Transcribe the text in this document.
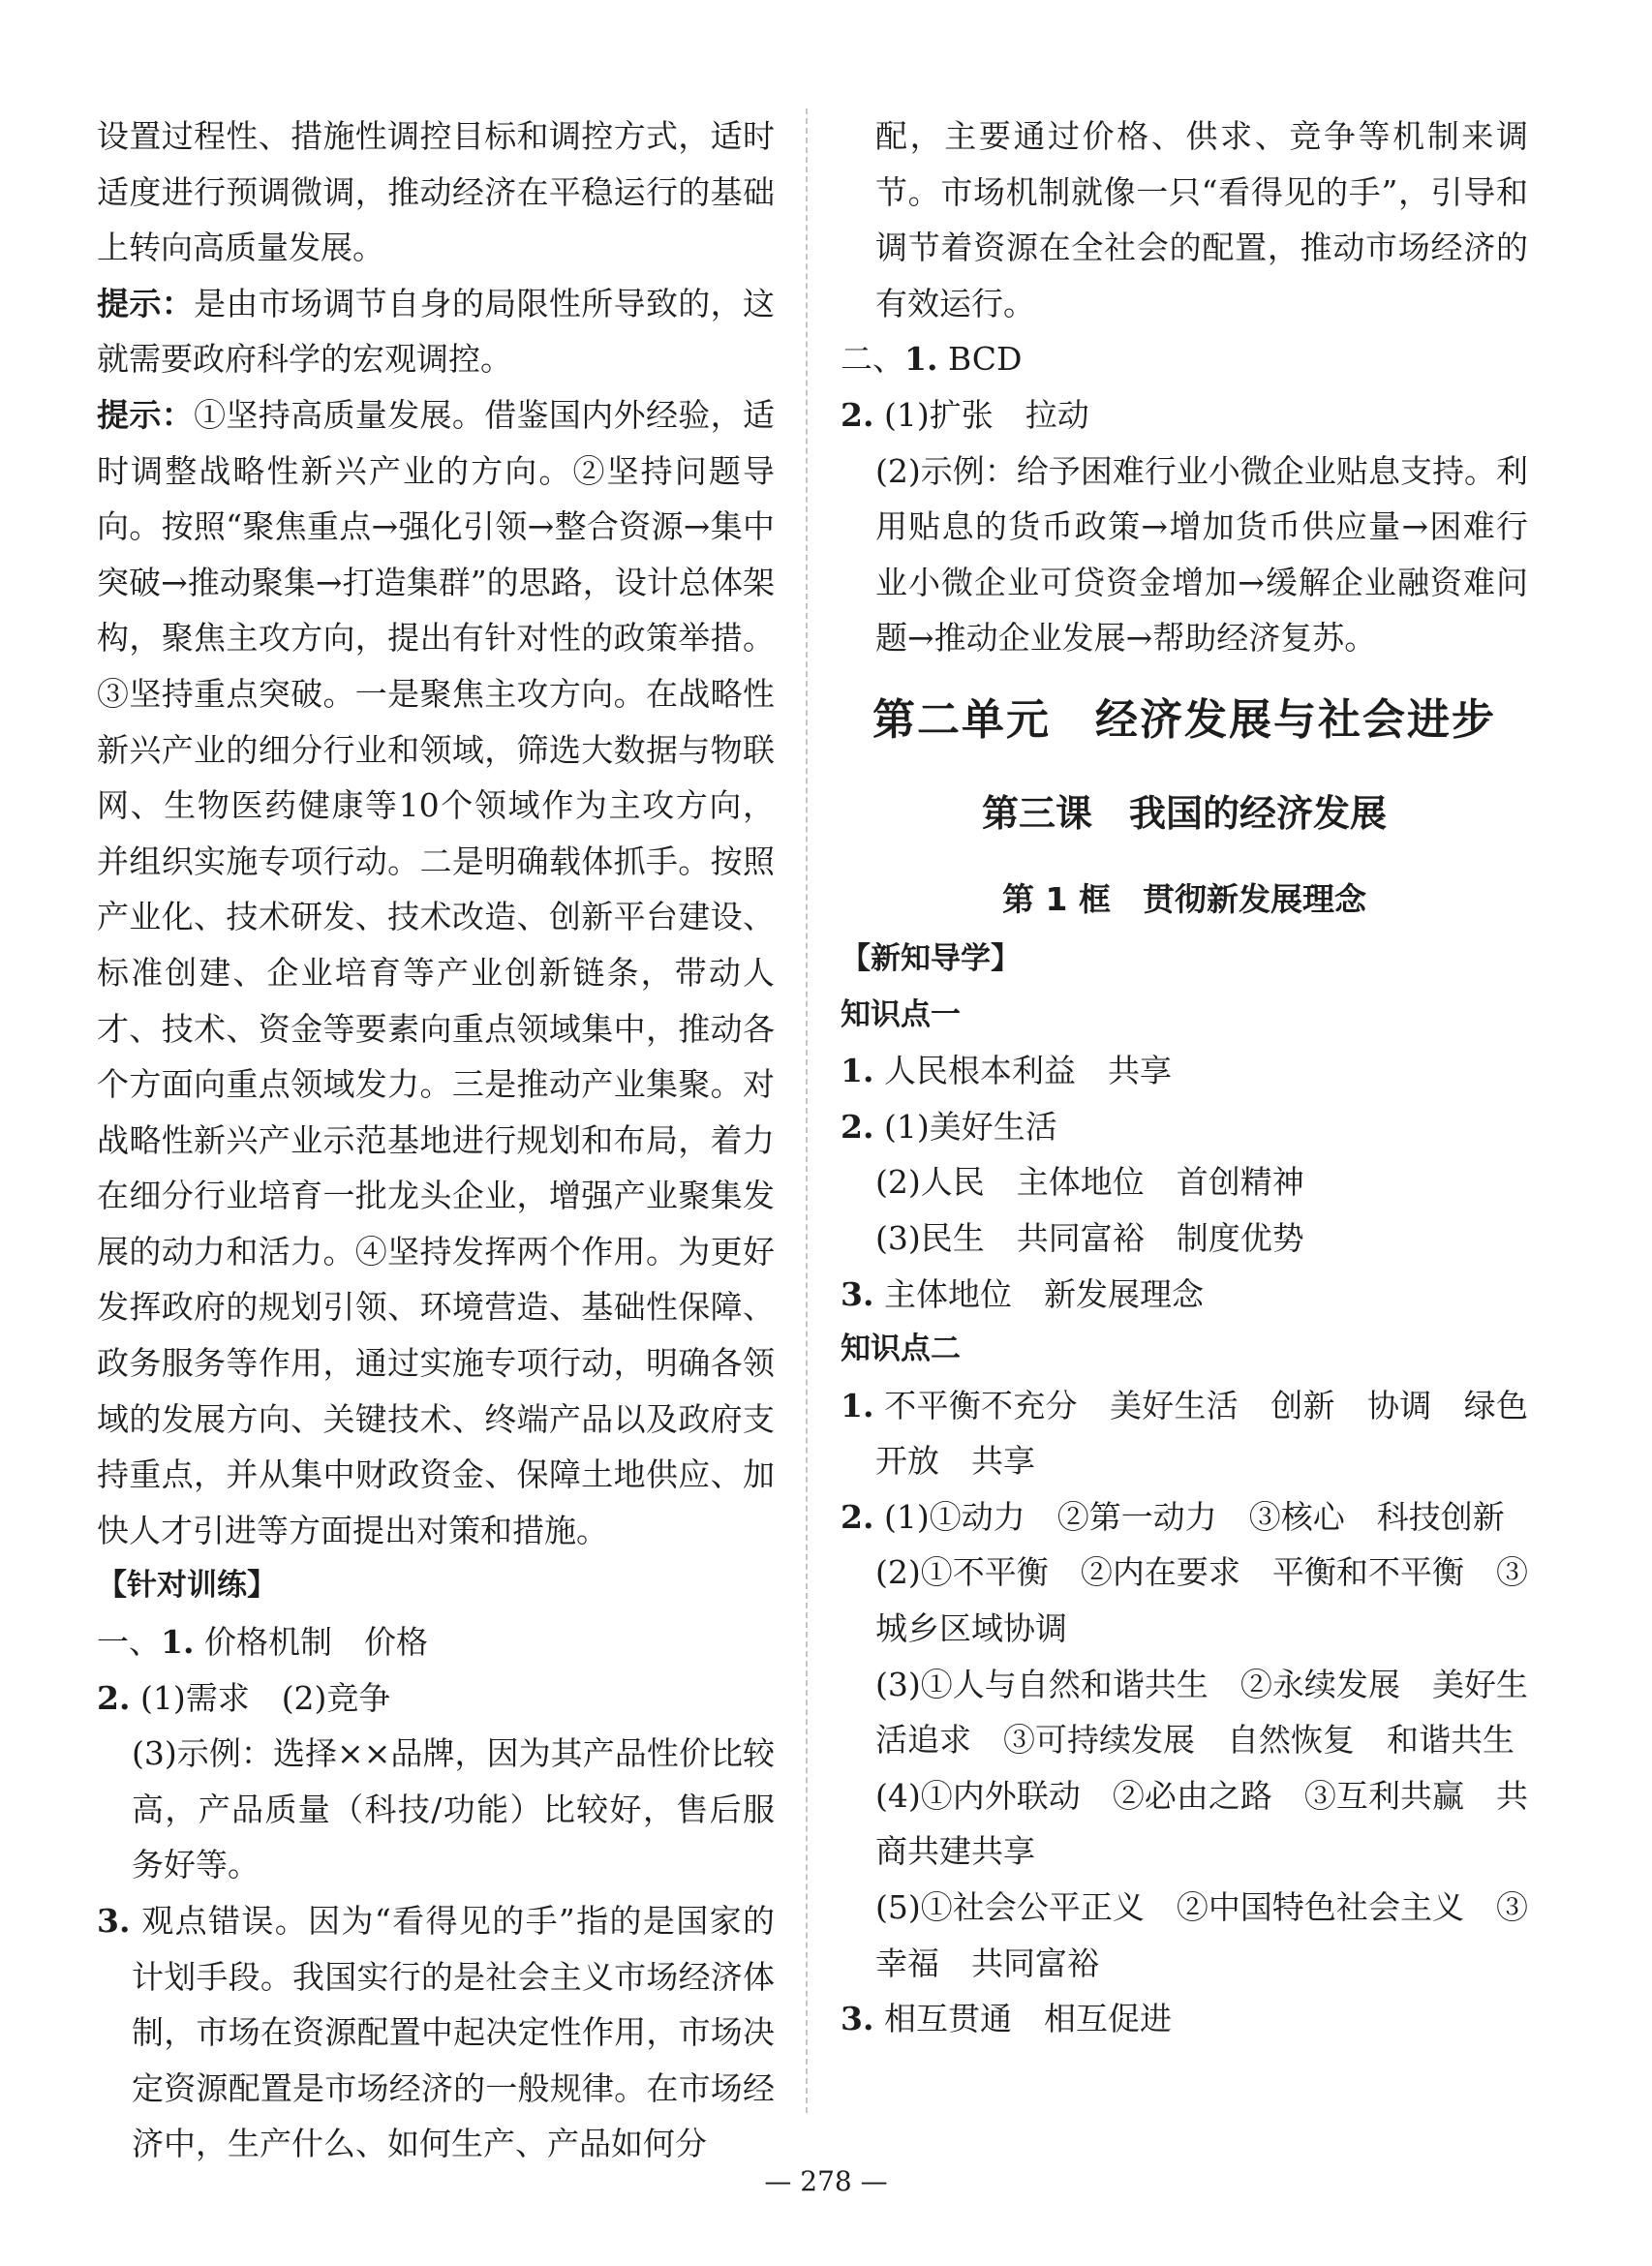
设置过程性、措施性调控目标和调控方式，适时适度进行预调微调，推动经济在平稳运行的基础上转向高质量发展。

提示：是由市场调节自身的局限性所导致的，这就需要政府科学的宏观调控。

提示：①坚持高质量发展。借鉴国内外经验，适时调整战略性新兴产业的方向。②坚持问题导向。按照“聚焦重点→强化引领→整合资源→集中突破→推动聚集→打造集群”的思路，设计总体架构，聚焦主攻方向，提出有针对性的政策举措。③坚持重点突破。一是聚焦主攻方向。在战略性新兴产业的细分行业和领域，筛选大数据与物联网、生物医药健康等10个领域作为主攻方向，并组织实施专项行动。二是明确载体抓手。按照产业化、技术研发、技术改造、创新平台建设、标准创建、企业培育等产业创新链条，带动人才、技术、资金等要素向重点领域集中，推动各个方面向重点领域发力。三是推动产业集聚。对战略性新兴产业示范基地进行规划和布局，着力在细分行业培育一批龙头企业，增强产业聚集发展的动力和活力。④坚持发挥两个作用。为更好发挥政府的规划引领、环境营造、基础性保障、政务服务等作用，通过实施专项行动，明确各领域的发展方向、关键技术、终端产品以及政府支持重点，并从集中财政资金、保障土地供应、加快人才引进等方面提出对策和措施。

【针对训练】

一、1. 价格机制　价格

2. (1)需求　(2)竞争

(3)示例：选择××品牌，因为其产品性价比较高，产品质量（科技/功能）比较好，售后服务好等。

3. 观点错误。因为“看得见的手”指的是国家的计划手段。我国实行的是社会主义市场经济体制，市场在资源配置中起决定性作用，市场决定资源配置是市场经济的一般规律。在市场经济中，生产什么、如何生产、产品如何分

配，主要通过价格、供求、竞争等机制来调节。市场机制就像一只“看得见的手”，引导和调节着资源在全社会的配置，推动市场经济的有效运行。

二、1. BCD

2. (1)扩张　拉动

(2)示例：给予困难行业小微企业贴息支持。利用贴息的货币政策→增加货币供应量→困难行业小微企业可贷资金增加→缓解企业融资难问题→推动企业发展→帮助经济复苏。

第二单元　经济发展与社会进步
第三课　我国的经济发展
第 1 框　贯彻新发展理念

【新知导学】

知识点一

1. 人民根本利益　共享

2. (1)美好生活

(2)人民　主体地位　首创精神

(3)民生　共同富裕　制度优势

3. 主体地位　新发展理念

知识点二

1. 不平衡不充分　美好生活　创新　协调　绿色　开放　共享

2. (1)①动力　②第一动力　③核心　科技创新

(2)①不平衡　②内在要求　平衡和不平衡　③城乡区域协调

(3)①人与自然和谐共生　②永续发展　美好生活追求　③可持续发展　自然恢复　和谐共生

(4)①内外联动　②必由之路　③互利共赢　共商共建共享

(5)①社会公平正义　②中国特色社会主义　③幸福　共同富裕

3. 相互贯通　相互促进

— 278 —
